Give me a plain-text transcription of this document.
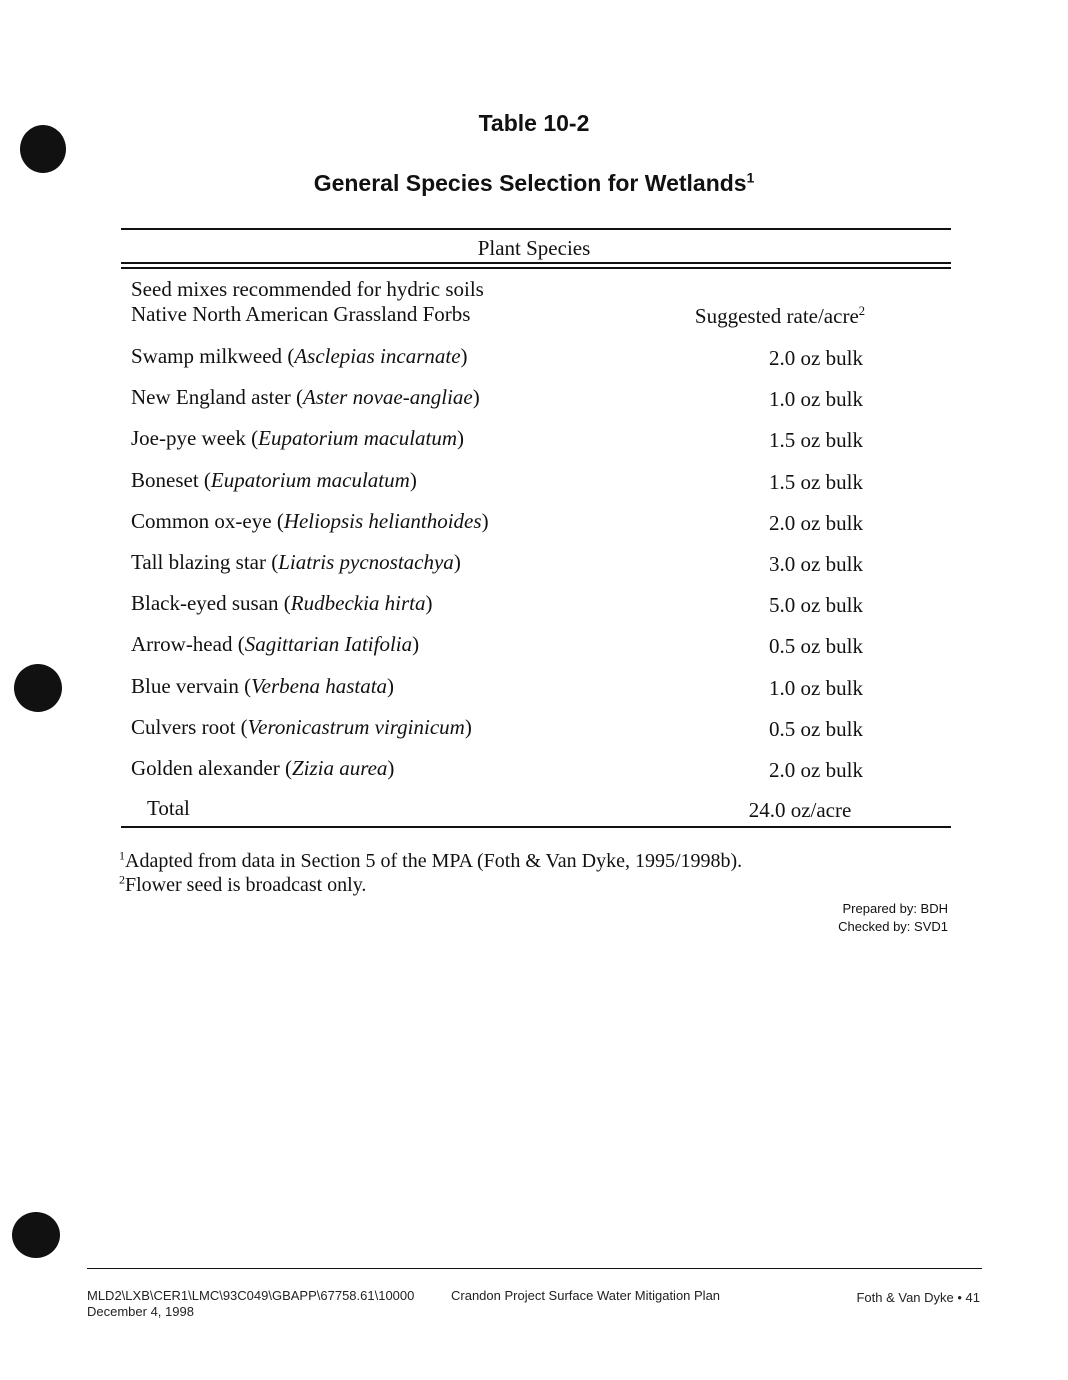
Table 10-2
General Species Selection for Wetlands$^1$
Plant Species
Seed mixes recommended for hydric soils
Native North American Grassland Forbs	Suggested rate/acre$^2$
Swamp milkweed (Asclepias incarnate)	2.0 oz bulk
New England aster (Aster novae-angliae)	1.0 oz bulk
Joe-pye week (Eupatorium maculatum)	1.5 oz bulk
Boneset (Eupatorium maculatum)	1.5 oz bulk
Common ox-eye (Heliopsis helianthoides)	2.0 oz bulk
Tall blazing star (Liatris pycnostachya)	3.0 oz bulk
Black-eyed susan (Rudbeckia hirta)	5.0 oz bulk
Arrow-head (Sagittarian Iatifolia)	0.5 oz bulk
Blue vervain (Verbena hastata)	1.0 oz bulk
Culvers root (Veronicastrum virginicum)	0.5 oz bulk
Golden alexander (Zizia aurea)	2.0 oz bulk
Total	24.0 oz/acre
$^1$Adapted from data in Section 5 of the MPA (Foth & Van Dyke, 1995/1998b).
$^2$Flower seed is broadcast only.
Prepared by: BDH
Checked by: SVD1
MLD2\LXB\CER1\LMC\93C049\GBAPP\67758.61\10000
December 4, 1998
Crandon Project Surface Water Mitigation Plan	Foth & Van Dyke • 41
